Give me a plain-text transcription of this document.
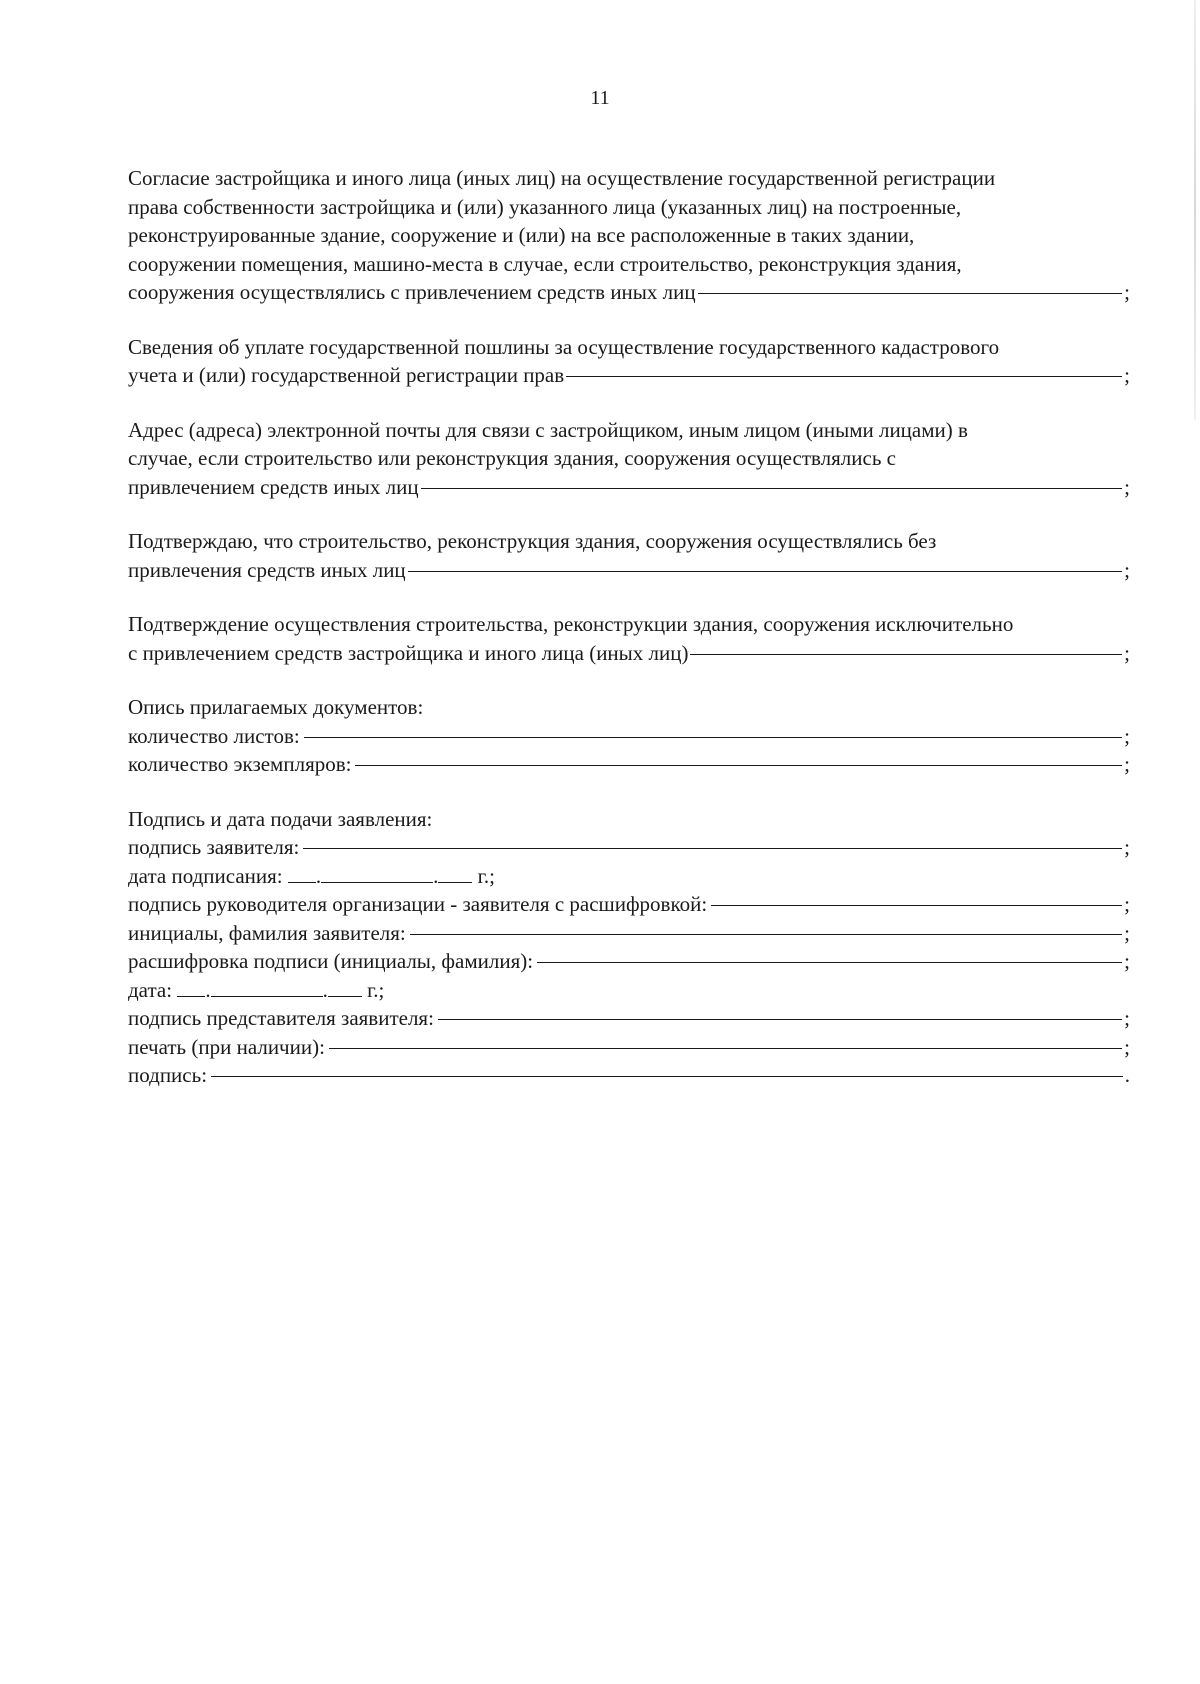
11
Согласие застройщика и иного лица (иных лиц) на осуществление государственной регистрации
права собственности застройщика и (или) указанного лица (указанных лиц) на построенные,
реконструированные здание, сооружение и (или) на все расположенные в таких здании,
сооружении помещения, машино-места в случае, если строительство, реконструкция здания,
сооружения осуществлялись с привлечением средств иных лиц	;
Сведения об уплате государственной пошлины за осуществление государственного кадастрового
учета и (или) государственной регистрации прав	;
Адрес (адреса) электронной почты для связи с застройщиком, иным лицом (иными лицами) в
случае, если строительство или реконструкция здания, сооружения осуществлялись с
привлечением средств иных лиц	;
Подтверждаю, что строительство, реконструкция здания, сооружения осуществлялись без
привлечения средств иных лиц	;
Подтверждение осуществления строительства, реконструкции здания, сооружения исключительно
с привлечением средств застройщика и иного лица (иных лиц)	;
Опись прилагаемых документов:
количество листов:	;
количество экземпляров:	;
Подпись и дата подачи заявления:
подпись заявителя:	;
дата подписания: .	. г.;
подпись руководителя организации - заявителя с расшифровкой:	;
инициалы, фамилия заявителя:	;
расшифровка подписи (инициалы, фамилия):	;
дата: .	. г.;
подпись представителя заявителя:	;
печать (при наличии):	;
подпись:	.
